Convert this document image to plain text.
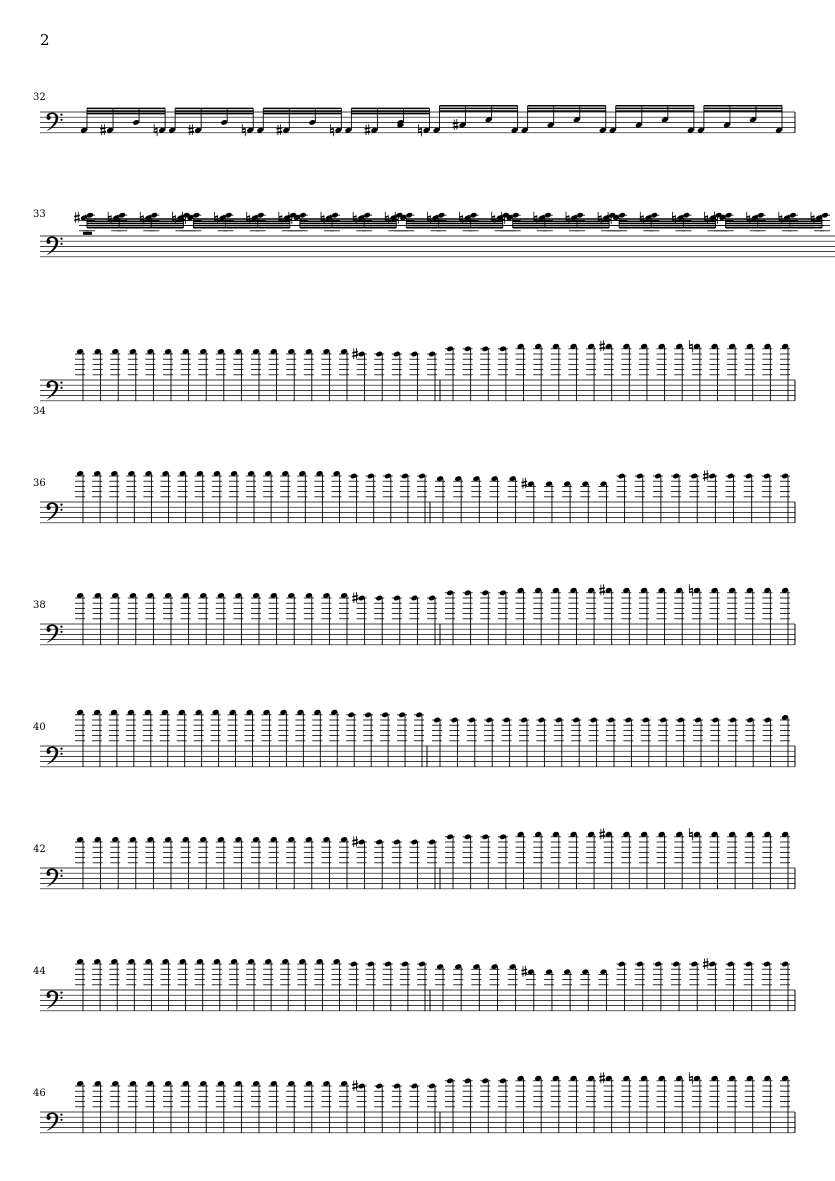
2
32
33
34
36
38
40
42
44
46
